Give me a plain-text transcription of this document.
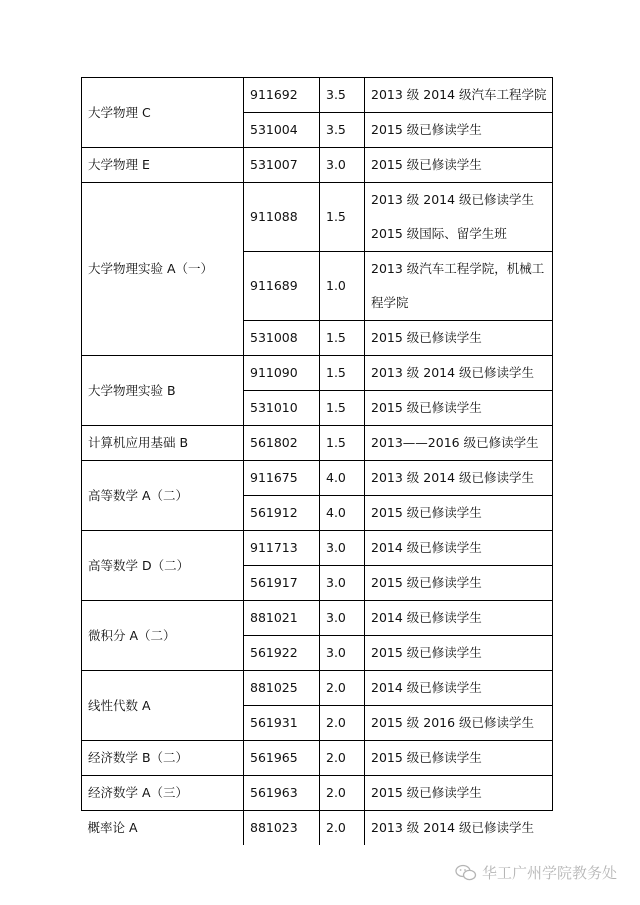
大学物理 C	911692	3.5	2013 级 2014 级汽车工程学院

	531004	3.5	2015 级已修读学生

大学物理 E	531007	3.0	2015 级已修读学生

大学物理实验 A（一）	911088	1.5	2013 级 2014 级已修读学生
2015 级国际、留学生班

	911689	1.0	2013 级汽车工程学院，机械工
程学院

	531008	1.5	2015 级已修读学生

大学物理实验 B	911090	1.5	2013 级 2014 级已修读学生

	531010	1.5	2015 级已修读学生

计算机应用基础 B	561802	1.5	2013——2016 级已修读学生

高等数学 A（二）	911675	4.0	2013 级 2014 级已修读学生

	561912	4.0	2015 级已修读学生

高等数学 D（二）	911713	3.0	2014 级已修读学生

	561917	3.0	2015 级已修读学生

微积分 A（二）	881021	3.0	2014 级已修读学生

	561922	3.0	2015 级已修读学生

线性代数 A	881025	2.0	2014 级已修读学生

	561931	2.0	2015 级 2016 级已修读学生

经济数学 B（二）	561965	2.0	2015 级已修读学生

经济数学 A（三）	561963	2.0	2015 级已修读学生

概率论 A	881023	2.0	2013 级 2014 级已修读学生
华工广州学院教务处
